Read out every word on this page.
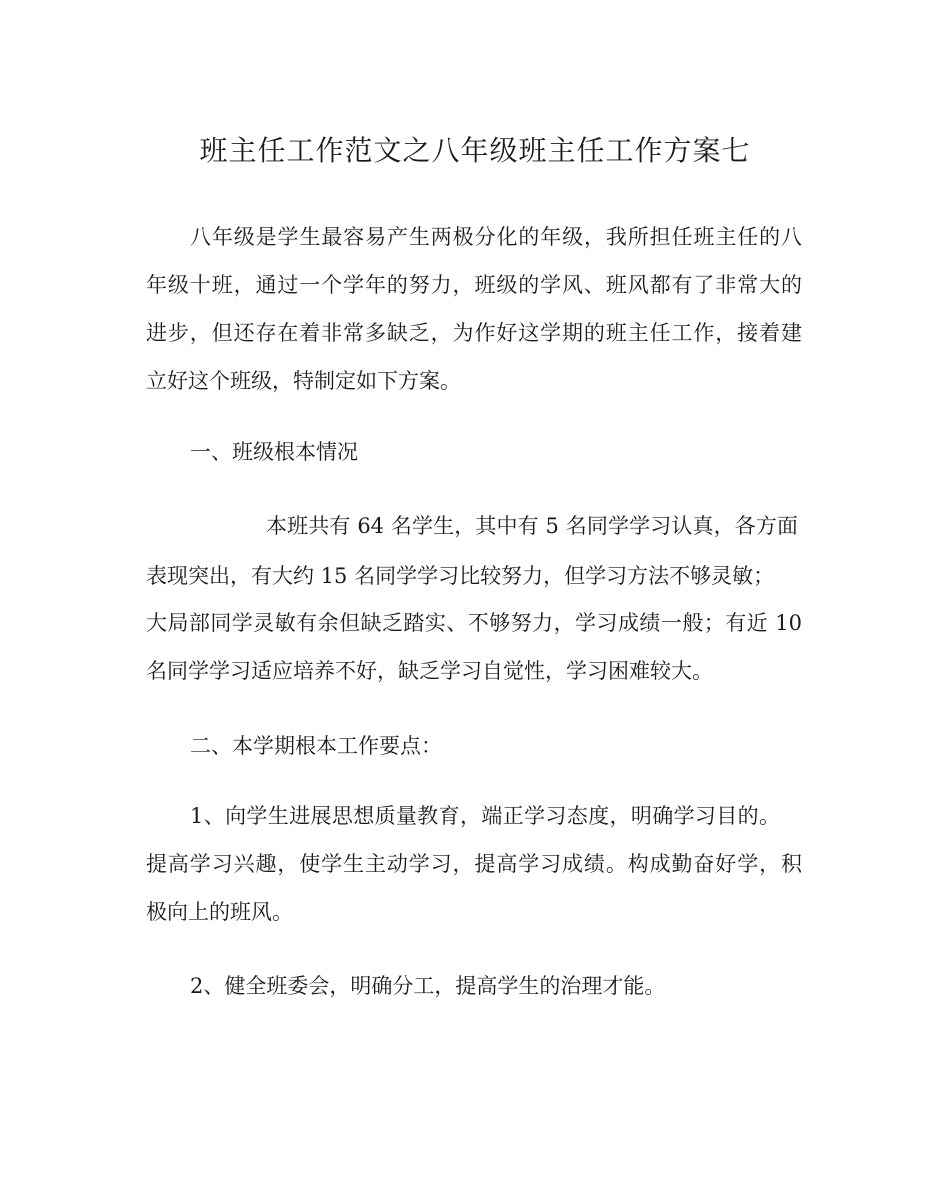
班主任工作范文之八年级班主任工作方案七
八年级是学生最容易产生两极分化的年级，我所担任班主任的八
年级十班，通过一个学年的努力，班级的学风、班风都有了非常大的
进步，但还存在着非常多缺乏，为作好这学期的班主任工作，接着建
立好这个班级，特制定如下方案。
一、班级根本情况
本班共有 64 名学生，其中有 5 名同学学习认真，各方面
表现突出，有大约 15 名同学学习比较努力，但学习方法不够灵敏；
大局部同学灵敏有余但缺乏踏实、不够努力，学习成绩一般；有近 10
名同学学习适应培养不好，缺乏学习自觉性，学习困难较大。
二、本学期根本工作要点：
1、向学生进展思想质量教育，端正学习态度，明确学习目的。
提高学习兴趣，使学生主动学习，提高学习成绩。构成勤奋好学，积
极向上的班风。
2、健全班委会，明确分工，提高学生的治理才能。
